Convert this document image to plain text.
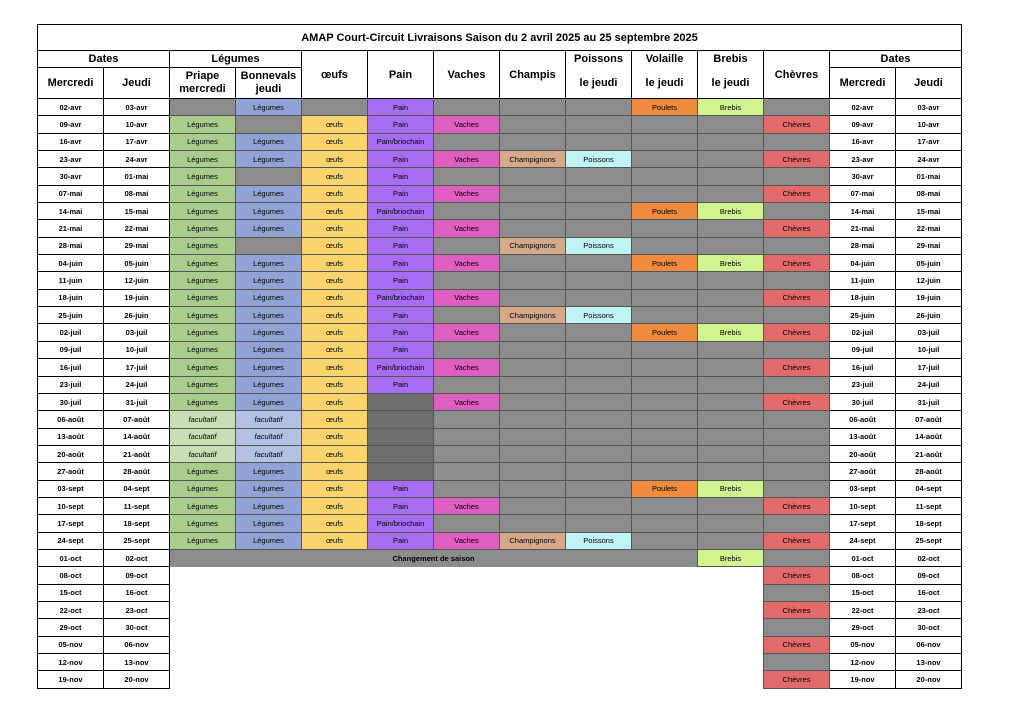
AMAP Court-Circuit Livraisons Saison du 2 avril 2025 au 25 septembre 2025													
Dates		Légumes		œufs	Pain	Vaches	Champis	Poissons	Volaille	Brebis	Chèvres	Dates	
Mercredi	Jeudi	Priape mercredi	Bonnevals jeudi					le jeudi	le jeudi	le jeudi		Mercredi	Jeudi
02-avr	03-avr		Légumes		Pain				Poulets	Brebis		02-avr	03-avr
09-avr	10-avr	Légumes		œufs	Pain	Vaches					Chèvres	09-avr	10-avr
16-avr	17-avr	Légumes	Légumes	œufs	Pain/briochain							16-avr	17-avr
23-avr	24-avr	Légumes	Légumes	œufs	Pain	Vaches	Champignons	Poissons			Chèvres	23-avr	24-avr
30-avr	01-mai	Légumes		œufs	Pain							30-avr	01-mai
07-mai	08-mai	Légumes	Légumes	œufs	Pain	Vaches					Chèvres	07-mai	08-mai
14-mai	15-mai	Légumes	Légumes	œufs	Pain/briochain				Poulets	Brebis		14-mai	15-mai
21-mai	22-mai	Légumes	Légumes	œufs	Pain	Vaches					Chèvres	21-mai	22-mai
28-mai	29-mai	Légumes		œufs	Pain		Champignons	Poissons				28-mai	29-mai
04-juin	05-juin	Légumes	Légumes	œufs	Pain	Vaches			Poulets	Brebis	Chèvres	04-juin	05-juin
11-juin	12-juin	Légumes	Légumes	œufs	Pain							11-juin	12-juin
18-juin	19-juin	Légumes	Légumes	œufs	Pain/briochain	Vaches					Chèvres	18-juin	19-juin
25-juin	26-juin	Légumes	Légumes	œufs	Pain		Champignons	Poissons				25-juin	26-juin
02-juil	03-juil	Légumes	Légumes	œufs	Pain	Vaches			Poulets	Brebis	Chèvres	02-juil	03-juil
09-juil	10-juil	Légumes	Légumes	œufs	Pain							09-juil	10-juil
16-juil	17-juil	Légumes	Légumes	œufs	Pain/briochain	Vaches					Chèvres	16-juil	17-juil
23-juil	24-juil	Légumes	Légumes	œufs	Pain							23-juil	24-juil
30-juil	31-juil	Légumes	Légumes	œufs		Vaches					Chèvres	30-juil	31-juil
06-août	07-août	facultatif	facultatif	œufs								06-août	07-août
13-août	14-août	facultatif	facultatif	œufs								13-août	14-août
20-août	21-août	facultatif	facultatif	œufs								20-août	21-août
27-août	28-août	Légumes	Légumes	œufs								27-août	28-août
03-sept	04-sept	Légumes	Légumes	œufs	Pain				Poulets	Brebis		03-sept	04-sept
10-sept	11-sept	Légumes	Légumes	œufs	Pain	Vaches					Chèvres	10-sept	11-sept
17-sept	18-sept	Légumes	Légumes	œufs	Pain/briochain							17-sept	18-sept
24-sept	25-sept	Légumes	Légumes	œufs	Pain	Vaches	Champignons	Poissons			Chèvres	24-sept	25-sept
01-oct	02-oct	Changement de saison								Brebis		01-oct	02-oct
08-oct	09-oct										Chèvres	08-oct	09-oct
15-oct	16-oct											15-oct	16-oct
22-oct	23-oct										Chèvres	22-oct	23-oct
29-oct	30-oct											29-oct	30-oct
05-nov	06-nov										Chèvres	05-nov	06-nov
12-nov	13-nov											12-nov	13-nov
19-nov	20-nov										Chèvres	19-nov	20-nov
